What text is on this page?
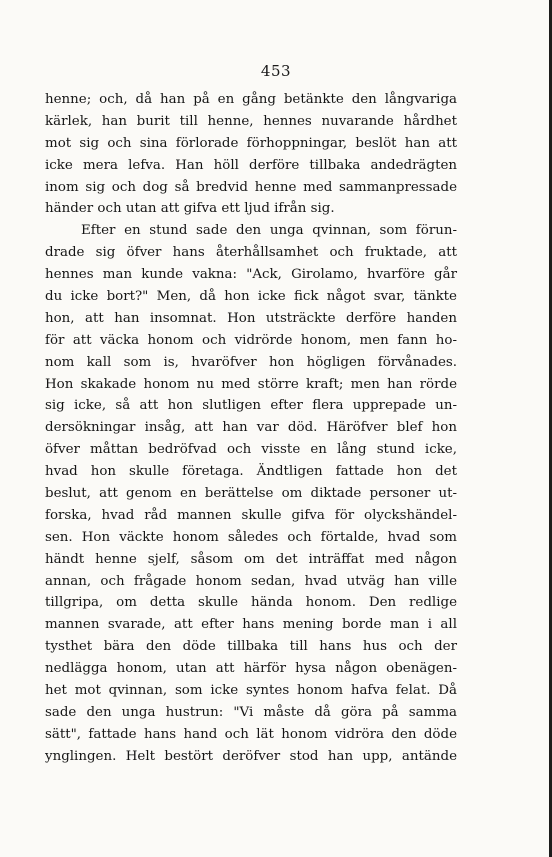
453
henne; och, då han på en gång betänkte den långvariga
kärlek, han burit till henne, hennes nuvarande hårdhet
mot sig och sina förlorade förhoppningar, beslöt han att
icke mera lefva. Han höll derföre tillbaka andedrägten
inom sig och dog så bredvid henne med sammanpressade
händer och utan att gifva ett ljud ifrån sig.
Efter en stund sade den unga qvinnan, som förun-
drade sig öfver hans återhållsamhet och fruktade, att
hennes man kunde vakna: "Ack, Girolamo, hvarföre går
du icke bort?" Men, då hon icke fick något svar, tänkte
hon, att han insomnat. Hon utsträckte derföre handen
för att väcka honom och vidrörde honom, men fann ho-
nom kall som is, hvaröfver hon högligen förvånades.
Hon skakade honom nu med större kraft; men han rörde
sig icke, så att hon slutligen efter flera upprepade un-
dersökningar insåg, att han var död. Häröfver blef hon
öfver måttan bedröfvad och visste en lång stund icke,
hvad hon skulle företaga. Ändtligen fattade hon det
beslut, att genom en berättelse om diktade personer ut-
forska, hvad råd mannen skulle gifva för olyckshändel-
sen. Hon väckte honom således och förtalde, hvad som
händt henne sjelf, såsom om det inträffat med någon
annan, och frågade honom sedan, hvad utväg han ville
tillgripa, om detta skulle hända honom. Den redlige
mannen svarade, att efter hans mening borde man i all
tysthet bära den döde tillbaka till hans hus och der
nedlägga honom, utan att härför hysa någon obenägen-
het mot qvinnan, som icke syntes honom hafva felat. Då
sade den unga hustrun: "Vi måste då göra på samma
sätt", fattade hans hand och lät honom vidröra den döde
ynglingen. Helt bestört deröfver stod han upp, antände
